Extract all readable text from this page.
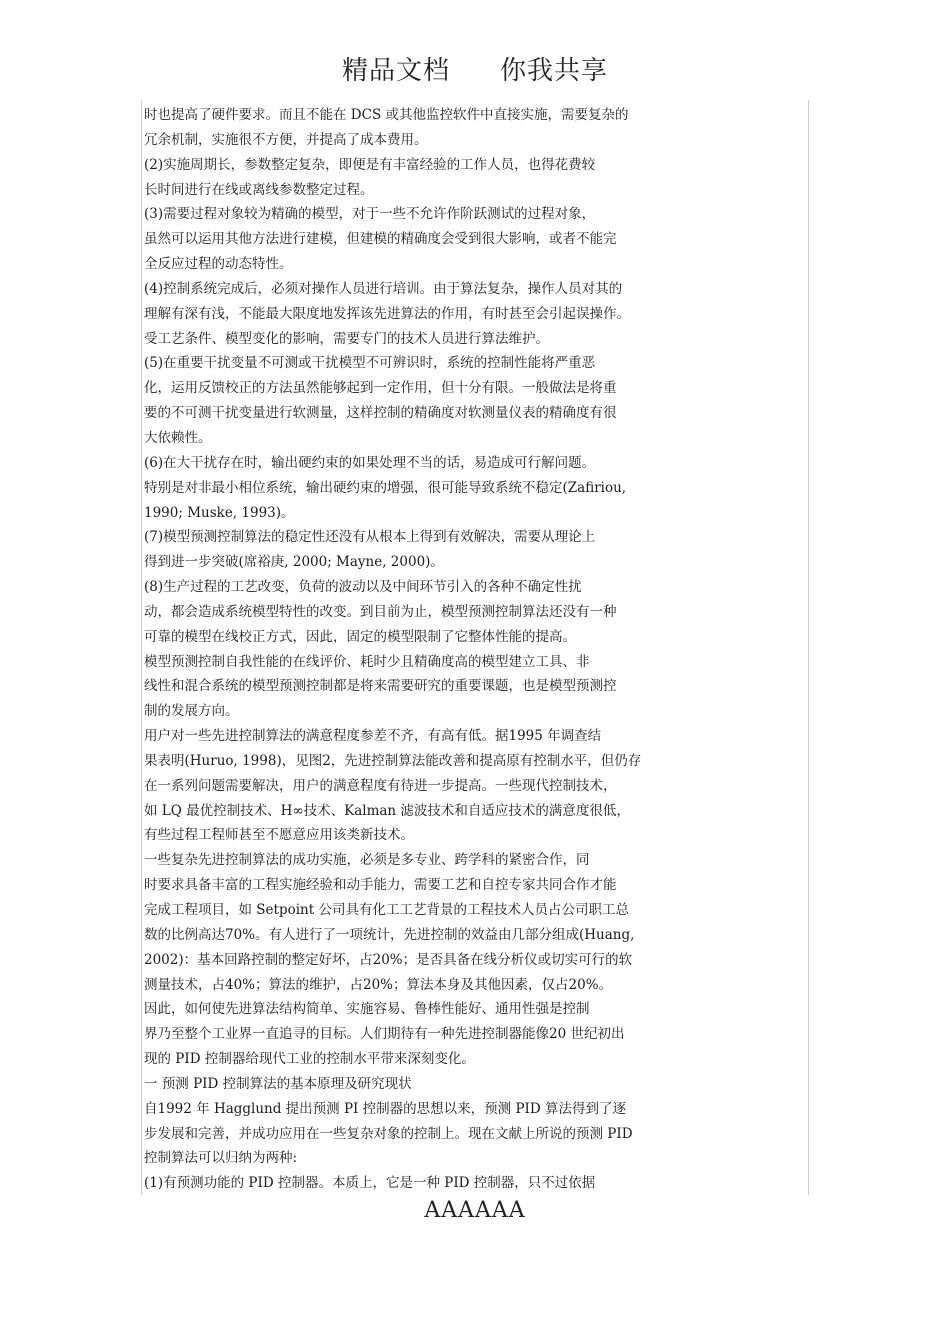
精品文档 你我共享
时也提高了硬件要求。而且不能在 DCS 或其他监控软件中直接实施，需要复杂的
冗余机制，实施很不方便，并提高了成本费用。
(2)实施周期长，参数整定复杂，即便是有丰富经验的工作人员，也得花费较
长时间进行在线或离线参数整定过程。
(3)需要过程对象较为精确的模型，对于一些不允许作阶跃测试的过程对象，
虽然可以运用其他方法进行建模，但建模的精确度会受到很大影响，或者不能完
全反应过程的动态特性。
(4)控制系统完成后，必须对操作人员进行培训。由于算法复杂，操作人员对其的
理解有深有浅，不能最大限度地发挥该先进算法的作用，有时甚至会引起误操作。
受工艺条件、模型变化的影响，需要专门的技术人员进行算法维护。
(5)在重要干扰变量不可测或干扰模型不可辨识时，系统的控制性能将严重恶
化，运用反馈校正的方法虽然能够起到一定作用，但十分有限。一般做法是将重
要的不可测干扰变量进行软测量，这样控制的精确度对软测量仪表的精确度有很
大依赖性。
(6)在大干扰存在时，输出硬约束的如果处理不当的话，易造成可行解问题。
特别是对非最小相位系统，输出硬约束的增强，很可能导致系统不稳定(Zafiriou,
1990; Muske, 1993)。
(7)模型预测控制算法的稳定性还没有从根本上得到有效解决，需要从理论上
得到进一步突破(席裕庚, 2000; Mayne, 2000)。
(8)生产过程的工艺改变，负荷的波动以及中间环节引入的各种不确定性扰
动，都会造成系统模型特性的改变。到目前为止，模型预测控制算法还没有一种
可靠的模型在线校正方式，因此，固定的模型限制了它整体性能的提高。
模型预测控制自我性能的在线评价、耗时少且精确度高的模型建立工具、非
线性和混合系统的模型预测控制都是将来需要研究的重要课题，也是模型预测控
制的发展方向。
用户对一些先进控制算法的满意程度参差不齐，有高有低。据1995 年调查结
果表明(Huruo, 1998)，见图2，先进控制算法能改善和提高原有控制水平，但仍存
在一系列问题需要解决，用户的满意程度有待进一步提高。一些现代控制技术，
如 LQ 最优控制技术、H∞技术、Kalman 滤波技术和自适应技术的满意度很低，
有些过程工程师甚至不愿意应用该类新技术。
一些复杂先进控制算法的成功实施，必须是多专业、跨学科的紧密合作，同
时要求具备丰富的工程实施经验和动手能力，需要工艺和自控专家共同合作才能
完成工程项目，如 Setpoint 公司具有化工工艺背景的工程技术人员占公司职工总
数的比例高达70%。有人进行了一项统计，先进控制的效益由几部分组成(Huang,
2002)：基本回路控制的整定好坏，占20%；是否具备在线分析仪或切实可行的软
测量技术，占40%；算法的维护，占20%；算法本身及其他因素，仅占20%。
因此，如何使先进算法结构简单、实施容易、鲁棒性能好、通用性强是控制
界乃至整个工业界一直追寻的目标。人们期待有一种先进控制器能像20 世纪初出
现的 PID 控制器给现代工业的控制水平带来深刻变化。
一 预测 PID 控制算法的基本原理及研究现状
自1992 年 Hagglund 提出预测 PI 控制器的思想以来，预测 PID 算法得到了逐
步发展和完善，并成功应用在一些复杂对象的控制上。现在文献上所说的预测 PID
控制算法可以归纳为两种:
(1)有预测功能的 PID 控制器。本质上，它是一种 PID 控制器，只不过依据
AAAAAA
